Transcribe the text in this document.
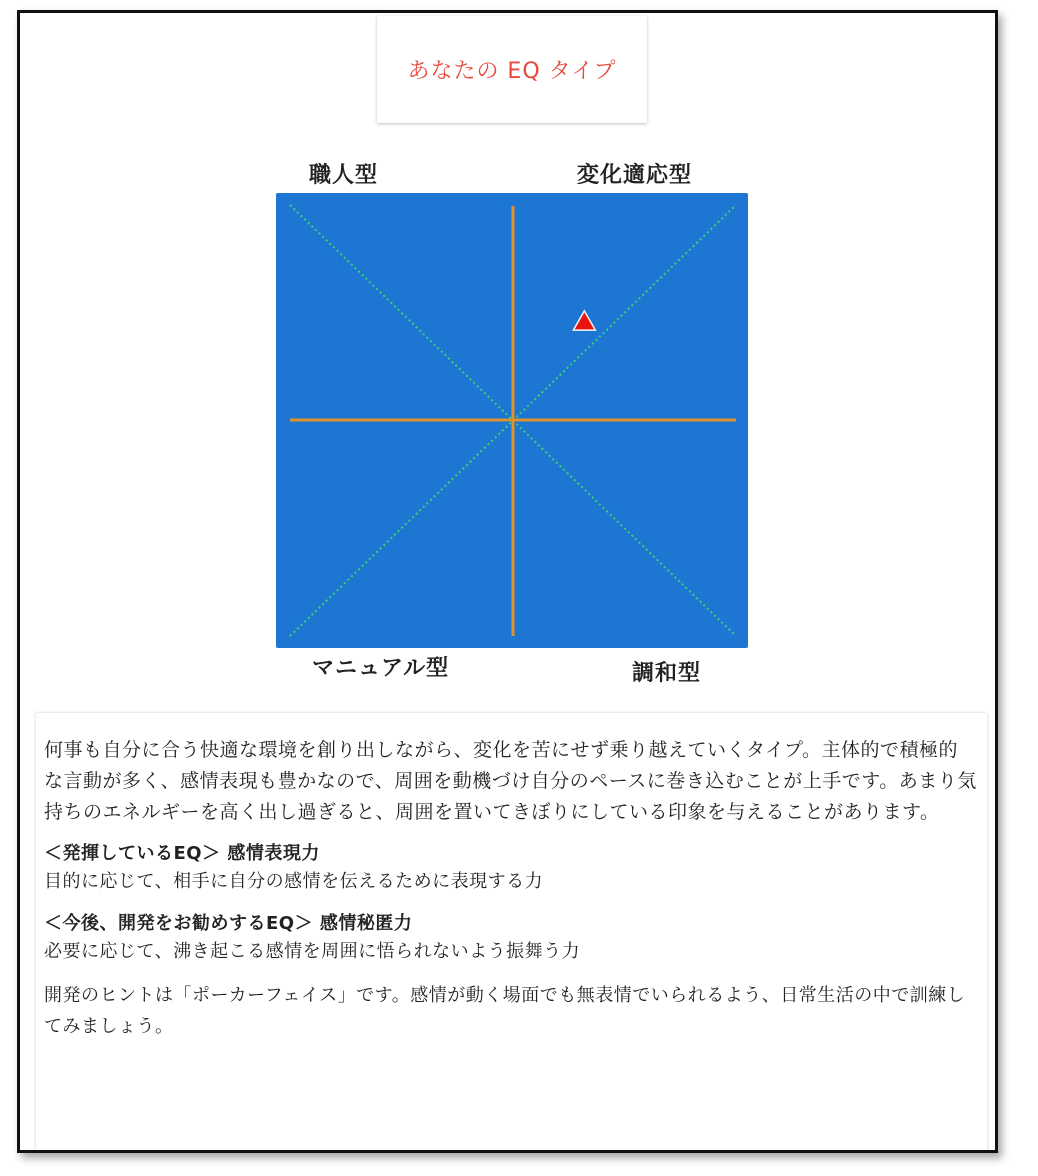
あなたの EQ タイプ
職人型	変化適応型
マニュアル型	調和型

何事も自分に合う快適な環境を創り出しながら、変化を苦にせず乗り越えていくタイプ。主体的で積極的な言動が多く、感情表現も豊かなので、周囲を動機づけ自分のペースに巻き込むことが上手です。あまり気持ちのエネルギーを高く出し過ぎると、周囲を置いてきぼりにしている印象を与えることがあります。

＜発揮しているEQ＞ 感情表現力

目的に応じて、相手に自分の感情を伝えるために表現する力

＜今後、開発をお勧めするEQ＞ 感情秘匿力

必要に応じて、沸き起こる感情を周囲に悟られないよう振舞う力

開発のヒントは「ポーカーフェイス」です。感情が動く場面でも無表情でいられるよう、日常生活の中で訓練してみましょう。
